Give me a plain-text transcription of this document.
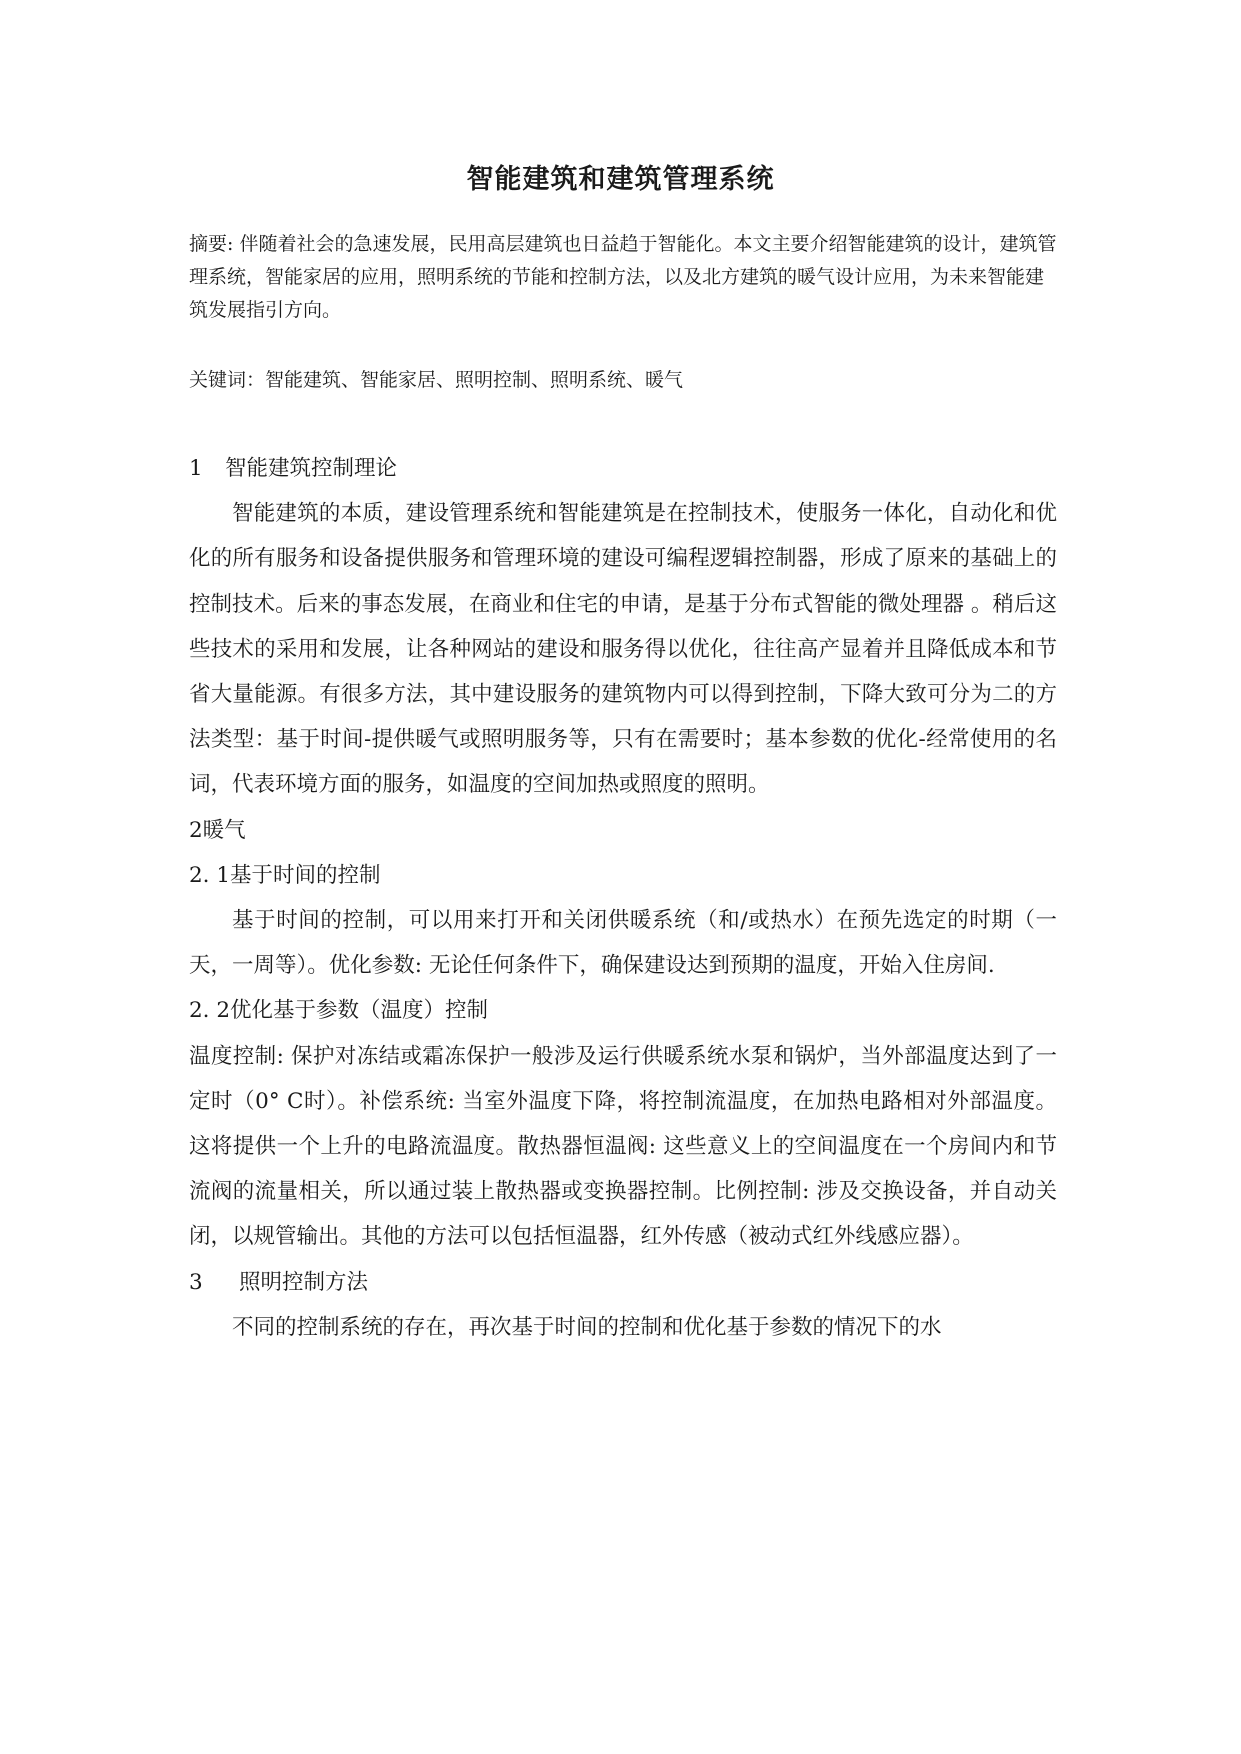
智能建筑和建筑管理系统

摘要: 伴随着社会的急速发展，民用高层建筑也日益趋于智能化。本文主要介绍智能建筑的设计，建筑管理系统，智能家居的应用，照明系统的节能和控制方法，以及北方建筑的暖气设计应用，为未来智能建筑发展指引方向。

关键词：智能建筑、智能家居、照明控制、照明系统、暖气

1	智能建筑控制理论

智能建筑的本质，建设管理系统和智能建筑是在控制技术，使服务一体化，自动化和优化的所有服务和设备提供服务和管理环境的建设可编程逻辑控制器，形成了原来的基础上的控制技术。后来的事态发展，在商业和住宅的申请，是基于分布式智能的微处理器 。稍后这些技术的采用和发展，让各种网站的建设和服务得以优化，往往高产显着并且降低成本和节省大量能源。有很多方法，其中建设服务的建筑物内可以得到控制，下降大致可分为二的方法类型：基于时间-提供暖气或照明服务等，只有在需要时；基本参数的优化-经常使用的名词，代表环境方面的服务，如温度的空间加热或照度的照明。

2暖气
2. 1基于时间的控制

基于时间的控制，可以用来打开和关闭供暖系统（和/或热水）在预先选定的时期（一天，一周等）。优化参数: 无论任何条件下，确保建设达到预期的温度，开始入住房间.

2. 2优化基于参数（温度）控制

温度控制: 保护对冻结或霜冻保护一般涉及运行供暖系统水泵和锅炉，当外部温度达到了一定时（0° C时）。补偿系统: 当室外温度下降，将控制流温度，在加热电路相对外部温度。这将提供一个上升的电路流温度。散热器恒温阀: 这些意义上的空间温度在一个房间内和节流阀的流量相关，所以通过装上散热器或变换器控制。比例控制: 涉及交换设备，并自动关闭，以规管输出。其他的方法可以包括恒温器，红外传感（被动式红外线感应器）。

3	照明控制方法

不同的控制系统的存在，再次基于时间的控制和优化基于参数的情况下的水
